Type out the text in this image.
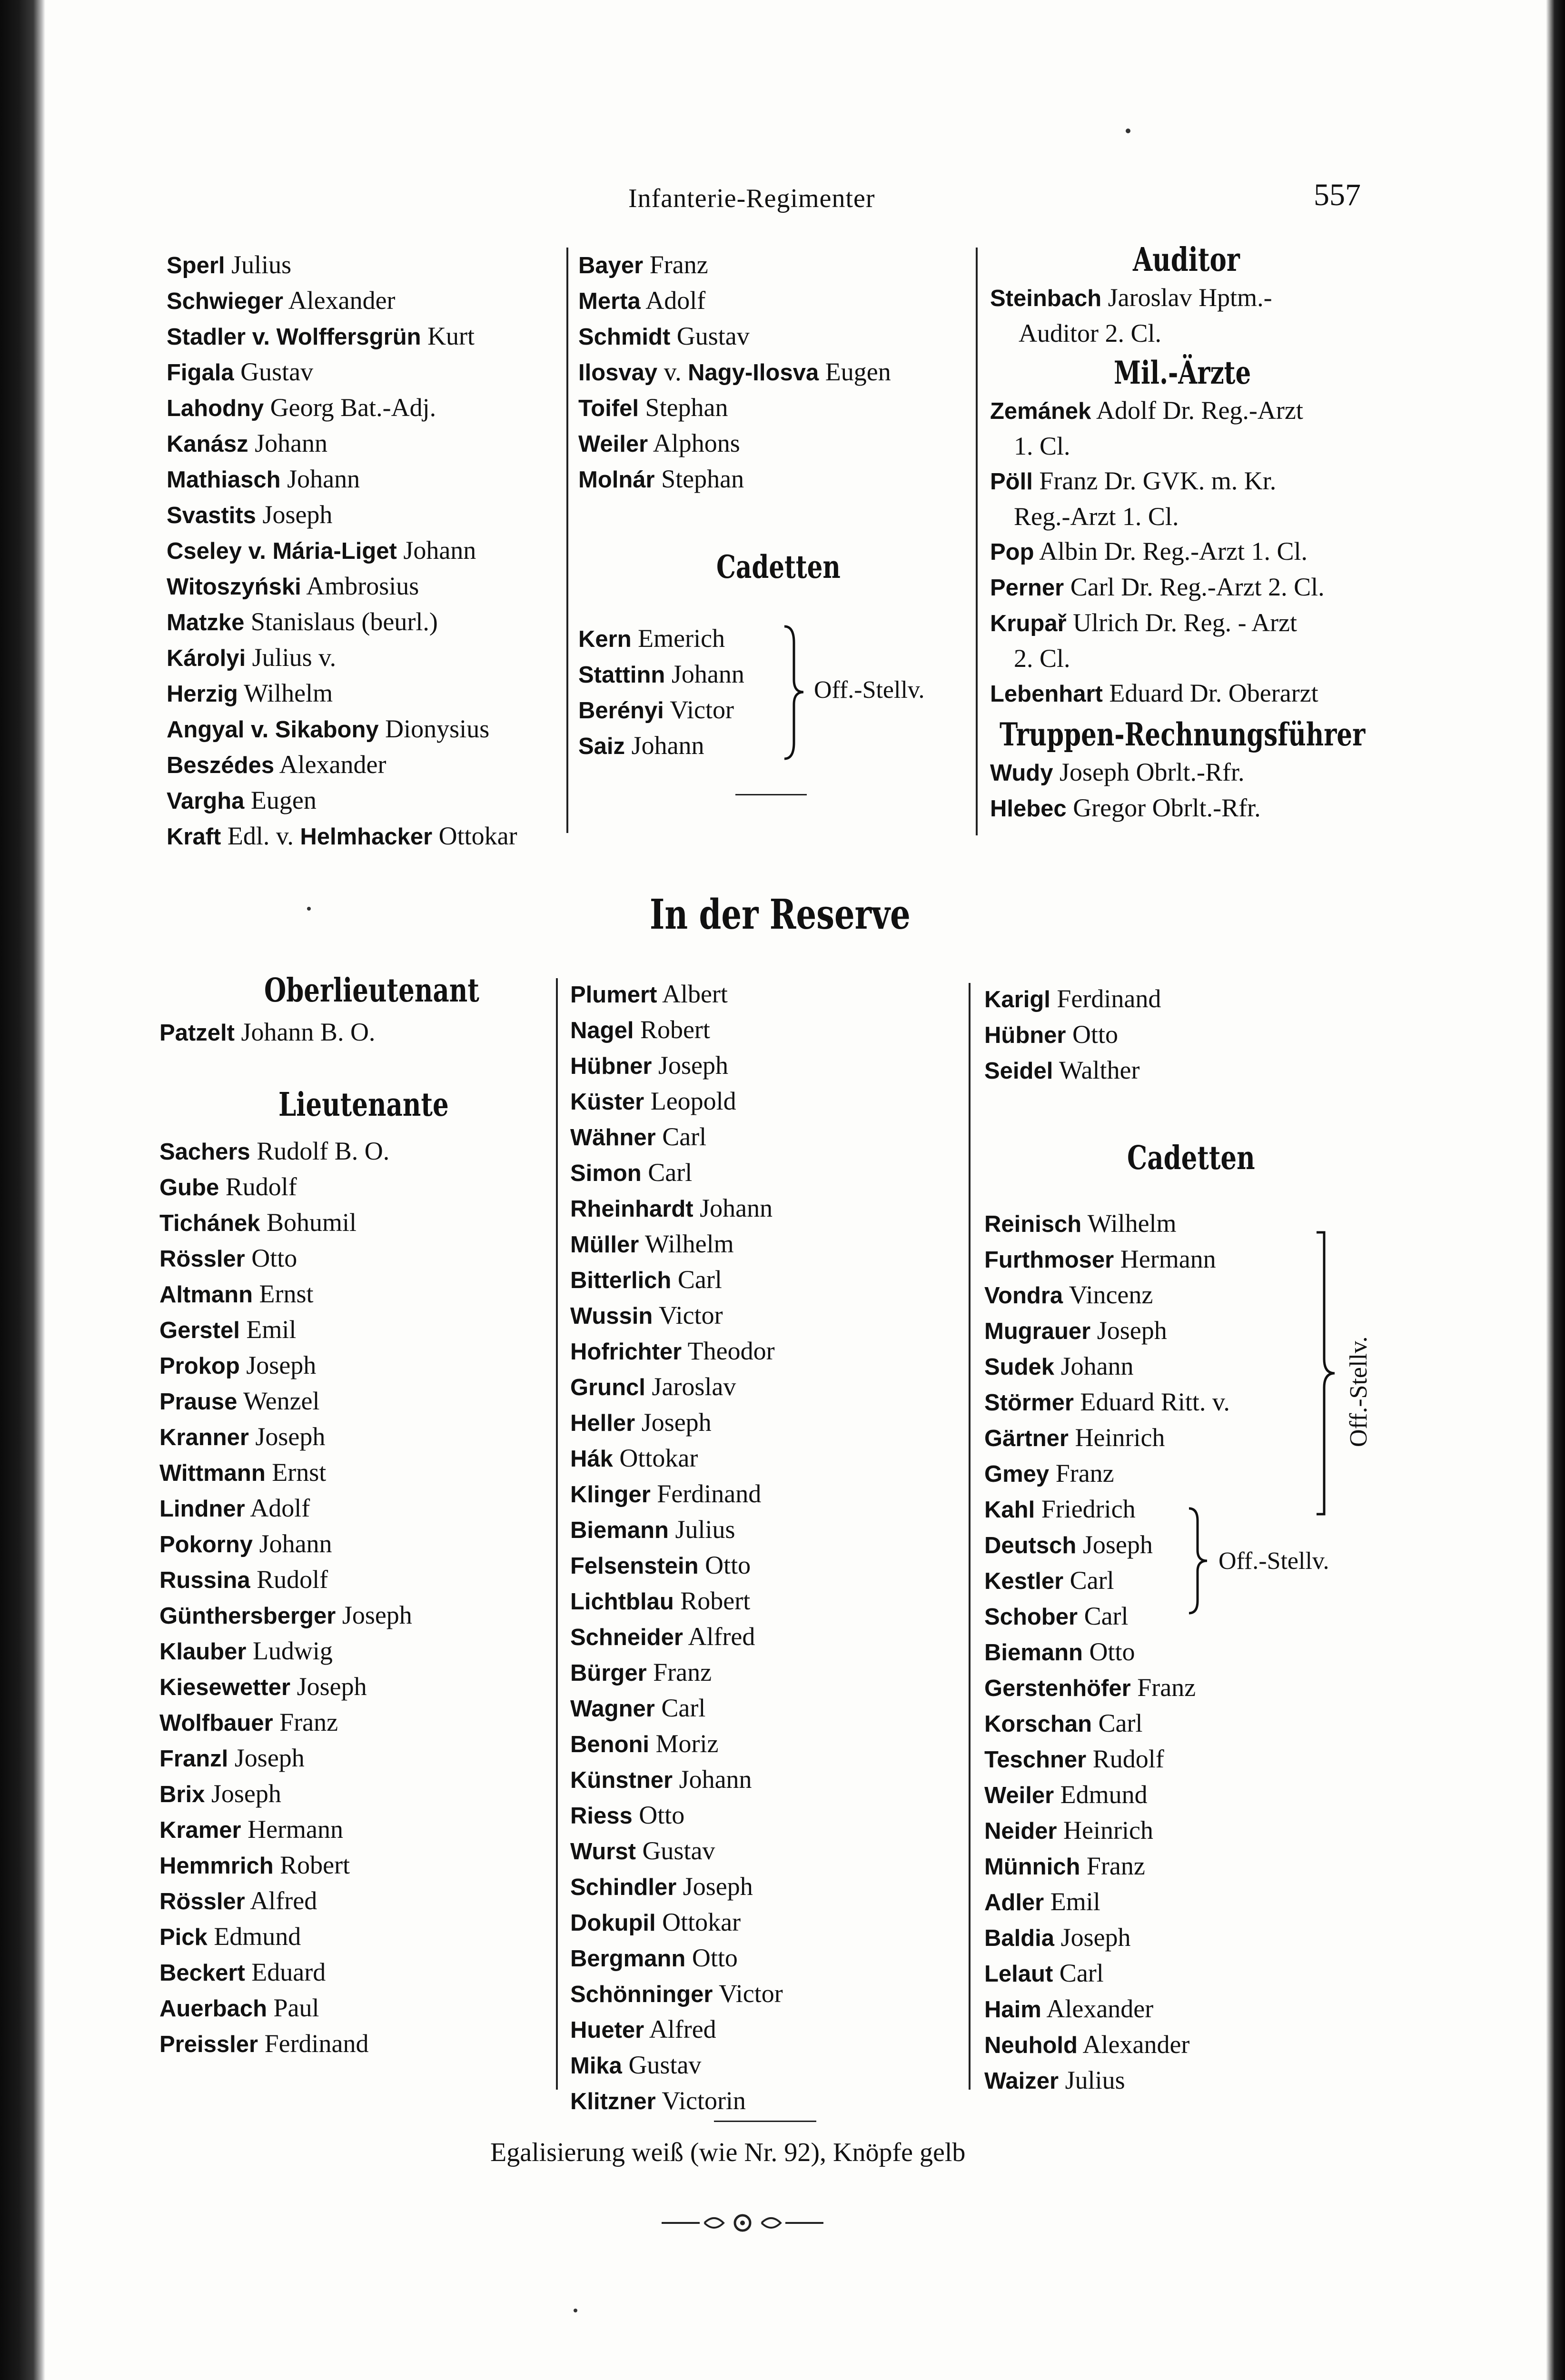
Infanterie-Regimenter	557
Sperl Julius
Schwieger Alexander
Stadler v. Wolffersgrün Kurt
Figala Gustav
Lahodny Georg Bat.-Adj.
Kanász Johann
Mathiasch Johann
Svastits Joseph
Cseley v. Mária-Liget Johann
Witoszyński Ambrosius
Matzke Stanislaus (beurl.)
Károlyi Julius v.
Herzig Wilhelm
Angyal v. Sikabony Dionysius
Beszédes Alexander
Vargha Eugen
Kraft Edl. v. Helmhacker Ottokar
Bayer Franz
Merta Adolf
Schmidt Gustav
Ilosvay v. Nagy-Ilosva Eugen
Toifel Stephan
Weiler Alphons
Molnár Stephan
Cadetten
Kern Emerich
Stattinn Johann
Berényi Victor
Saiz Johann
Off.-Stellv.
Auditor
Steinbach Jaroslav Hptm.-
Auditor 2. Cl.
Mil.-Ärzte
Zemánek Adolf Dr. Reg.-Arzt
1. Cl.
Pöll Franz Dr. GVK. m. Kr.
Reg.-Arzt 1. Cl.
Pop Albin Dr. Reg.-Arzt 1. Cl.
Perner Carl Dr. Reg.-Arzt 2. Cl.
Krupař Ulrich Dr. Reg. - Arzt
2. Cl.
Lebenhart Eduard Dr. Oberarzt
Truppen-Rechnungsführer
Wudy Joseph Obrlt.-Rfr.
Hlebec Gregor Obrlt.-Rfr.
In der Reserve
Oberlieutenant
Patzelt Johann B. O.
Lieutenante
Sachers Rudolf B. O.
Gube Rudolf
Tichánek Bohumil
Rössler Otto
Altmann Ernst
Gerstel Emil
Prokop Joseph
Prause Wenzel
Kranner Joseph
Wittmann Ernst
Lindner Adolf
Pokorny Johann
Russina Rudolf
Günthersberger Joseph
Klauber Ludwig
Kiesewetter Joseph
Wolfbauer Franz
Franzl Joseph
Brix Joseph
Kramer Hermann
Hemmrich Robert
Rössler Alfred
Pick Edmund
Beckert Eduard
Auerbach Paul
Preissler Ferdinand
Plumert Albert
Nagel Robert
Hübner Joseph
Küster Leopold
Wähner Carl
Simon Carl
Rheinhardt Johann
Müller Wilhelm
Bitterlich Carl
Wussin Victor
Hofrichter Theodor
Gruncl Jaroslav
Heller Joseph
Hák Ottokar
Klinger Ferdinand
Biemann Julius
Felsenstein Otto
Lichtblau Robert
Schneider Alfred
Bürger Franz
Wagner Carl
Benoni Moriz
Künstner Johann
Riess Otto
Wurst Gustav
Schindler Joseph
Dokupil Ottokar
Bergmann Otto
Schönninger Victor
Hueter Alfred
Mika Gustav
Klitzner Victorin
Karigl Ferdinand
Hübner Otto
Seidel Walther
Cadetten
Reinisch Wilhelm
Furthmoser Hermann
Vondra Vincenz
Mugrauer Joseph
Sudek Johann
Störmer Eduard Ritt. v.
Gärtner Heinrich
Gmey Franz
Kahl Friedrich
Deutsch Joseph
Kestler Carl
Schober Carl
Biemann Otto
Gerstenhöfer Franz
Korschan Carl
Teschner Rudolf
Weiler Edmund
Neider Heinrich
Münnich Franz
Adler Emil
Baldia Joseph
Lelaut Carl
Haim Alexander
Neuhold Alexander
Waizer Julius
Off.-Stellv.
Off.-Stellv.
Egalisierung weiß (wie Nr. 92), Knöpfe gelb
